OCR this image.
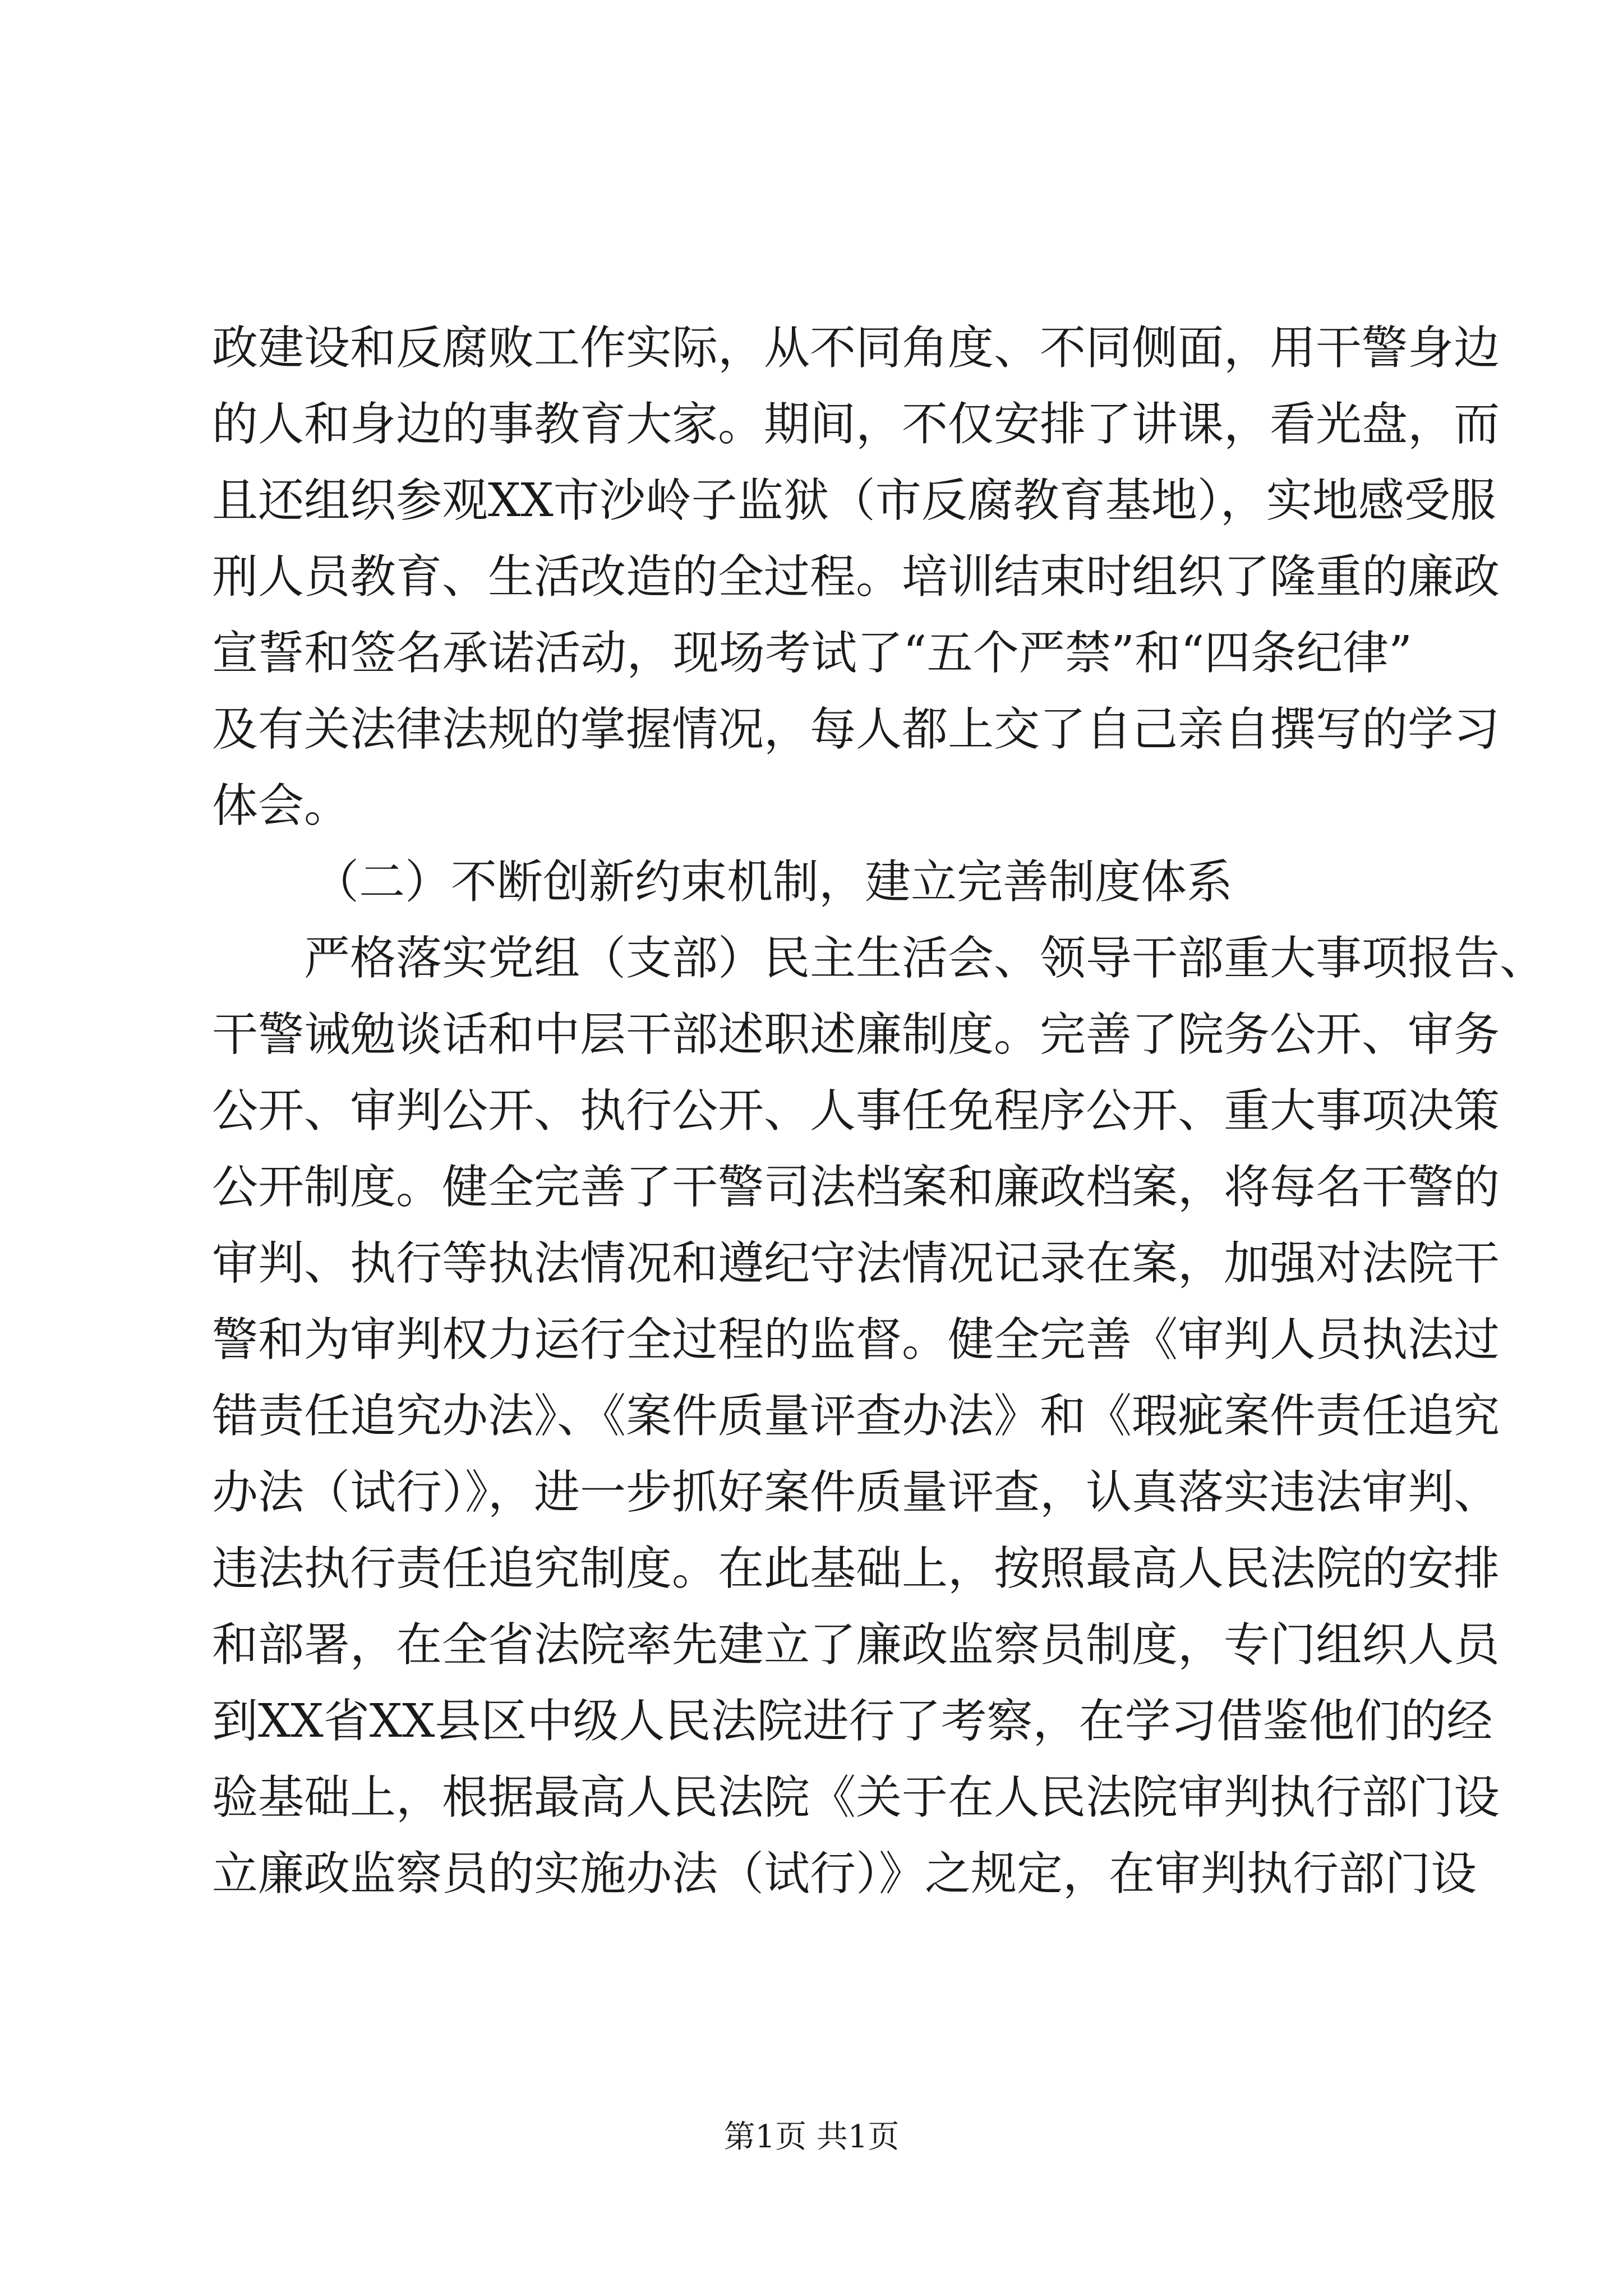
政建设和反腐败工作实际，从不同角度、不同侧面，用干警身边
的人和身边的事教育大家。期间，不仅安排了讲课，看光盘，而
且还组织参观XX市沙岭子监狱（市反腐教育基地），实地感受服
刑人员教育、生活改造的全过程。培训结束时组织了隆重的廉政
宣誓和签名承诺活动，现场考试了“五个严禁”和“四条纪律”
及有关法律法规的掌握情况，每人都上交了自己亲自撰写的学习
体会。
（二）不断创新约束机制，建立完善制度体系
严格落实党组（支部）民主生活会、领导干部重大事项报告、
干警诫勉谈话和中层干部述职述廉制度。完善了院务公开、审务
公开、审判公开、执行公开、人事任免程序公开、重大事项决策
公开制度。健全完善了干警司法档案和廉政档案，将每名干警的
审判、执行等执法情况和遵纪守法情况记录在案，加强对法院干
警和为审判权力运行全过程的监督。健全完善《审判人员执法过
错责任追究办法》、《案件质量评查办法》和《瑕疵案件责任追究
办法（试行）》，进一步抓好案件质量评查，认真落实违法审判、
违法执行责任追究制度。在此基础上，按照最高人民法院的安排
和部署，在全省法院率先建立了廉政监察员制度，专门组织人员
到XX省XX县区中级人民法院进行了考察，在学习借鉴他们的经
验基础上，根据最高人民法院《关于在人民法院审判执行部门设
立廉政监察员的实施办法（试行）》之规定，在审判执行部门设
第1页 共1页
